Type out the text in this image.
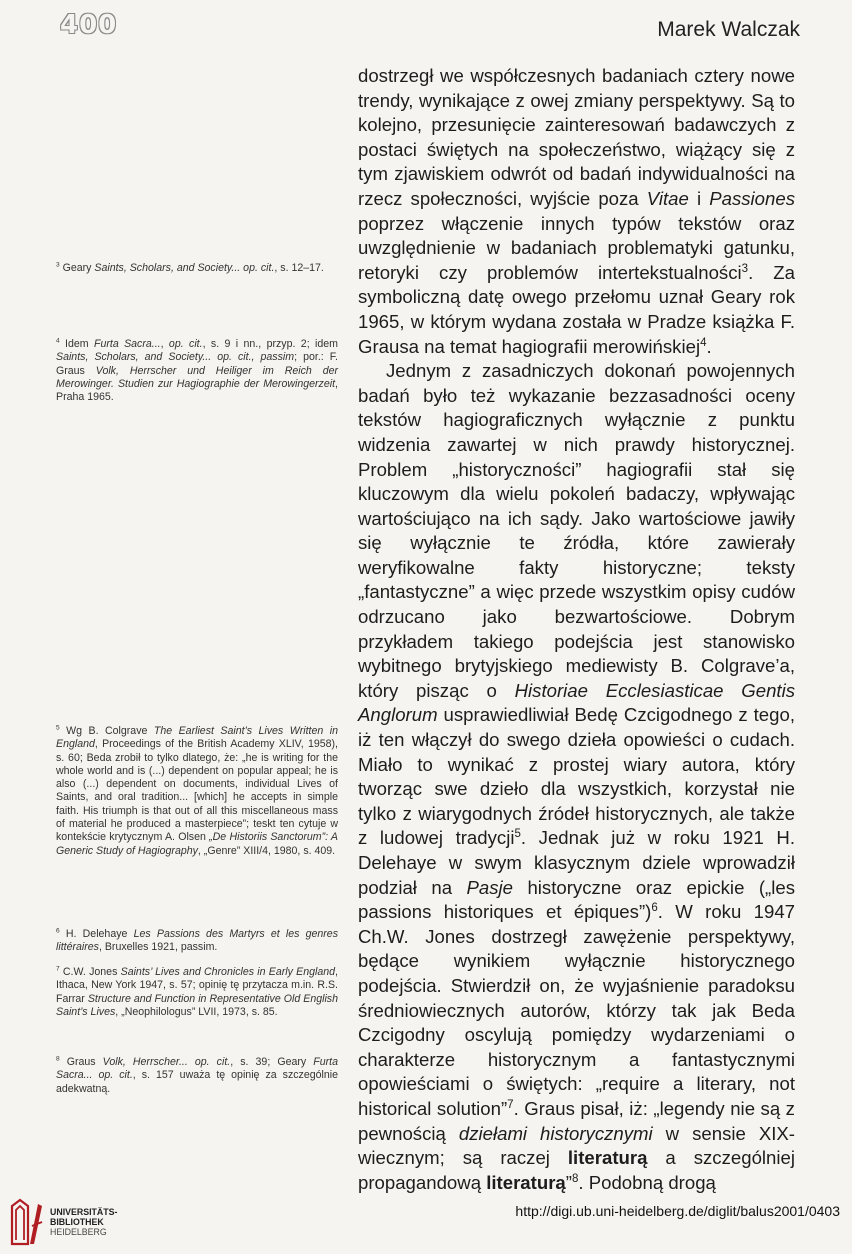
400	Marek Walczak

dostrzegł we współczesnych badaniach cztery nowe trendy, wynikające z owej zmiany perspektywy. Są to kolejno, przesunięcie zainteresowań badawczych z postaci świętych na społeczeństwo, wiążący się z tym zjawiskiem odwrót od badań indywidualności na rzecz społeczności, wyjście poza Vitae i Passiones poprzez włączenie innych typów tekstów oraz uwzględnienie w badaniach problematyki gatunku, retoryki czy problemów intertekstualności$^3$. Za symboliczną datę owego przełomu uznał Geary rok 1965, w którym wydana została w Pradze książka F. Grausa na temat hagiografii merowińskiej$^4$.

Jednym z zasadniczych dokonań powojennych badań było też wykazanie bezzasadności oceny tekstów hagiograficznych wyłącznie z punktu widzenia zawartej w nich prawdy historycznej. Problem „historyczności” hagiografii stał się kluczowym dla wielu pokoleń badaczy, wpływając wartościująco na ich sądy. Jako wartościowe jawiły się wyłącznie te źródła, które zawierały weryfikowalne fakty historyczne; teksty „fantastyczne” a więc przede wszystkim opisy cudów odrzucano jako bezwartościowe. Dobrym przykładem takiego podejścia jest stanowisko wybitnego brytyjskiego mediewisty B. Colgrave’a, który pisząc o Historiae Ecclesiasticae Gentis Anglorum usprawiedliwiał Bedę Czcigodnego z tego, iż ten włączył do swego dzieła opowieści o cudach. Miało to wynikać z prostej wiary autora, który tworząc swe dzieło dla wszystkich, korzystał nie tylko z wiarygodnych źródeł historycznych, ale także z ludowej tradycji$^5$. Jednak już w roku 1921 H. Delehaye w swym klasycznym dziele wprowadził podział na Pasje historyczne oraz epickie („les passions historiques et épiques”)$^6$. W roku 1947 Ch.W. Jones dostrzegł zawężenie perspektywy, będące wynikiem wyłącznie historycznego podejścia. Stwierdził on, że wyjaśnienie paradoksu średniowiecznych autorów, którzy tak jak Beda Czcigodny oscylują pomiędzy wydarzeniami o charakterze historycznym a fantastycznymi opowieściami o świętych: „require a literary, not historical solution”$^7$. Graus pisał, iż: „legendy nie są z pewnością dziełami historycznymi w sensie XIX-wiecznym; są raczej literaturą a szczególniej propagandową literaturą”$^8$. Podobną drogą

$^3$ Geary Saints, Scholars, and Society... op. cit., s. 12–17.
$^4$ Idem Furta Sacra..., op. cit., s. 9 i nn., przyp. 2; idem Saints, Scholars, and Society... op. cit., passim; por.: F. Graus Volk, Herrscher und Heiliger im Reich der Merowinger. Studien zur Hagiographie der Merowingerzeit, Praha 1965.
$^5$ Wg B. Colgrave The Earliest Saint’s Lives Written in England, Proceedings of the British Academy XLIV, 1958), s. 60; Beda zrobił to tylko dlatego, że: „he is writing for the whole world and is (...) dependent on popular appeal; he is also (...) dependent on documents, individual Lives of Saints, and oral tradition... [which] he accepts in simple faith. His triumph is that out of all this miscellaneous mass of material he produced a masterpiece”; teskt ten cytuje w kontekście krytycznym A. Olsen „De Historiis Sanctorum”: A Generic Study of Hagiography, „Genre” XIII/4, 1980, s. 409.
$^6$ H. Delehaye Les Passions des Martyrs et les genres littéraires, Bruxelles 1921, passim.
$^7$ C.W. Jones Saints’ Lives and Chronicles in Early England, Ithaca, New York 1947, s. 57; opinię tę przytacza m.in. R.S. Farrar Structure and Function in Representative Old English Saint’s Lives, „Neophilologus” LVII, 1973, s. 85.
$^8$ Graus Volk, Herrscher... op. cit., s. 39; Geary Furta Sacra... op. cit., s. 157 uważa tę opinię za szczególnie adekwatną.
UNIVERSITÄTS-
BIBLIOTHEK
HEIDELBERG
http://digi.ub.uni-heidelberg.de/diglit/balus2001/0403
